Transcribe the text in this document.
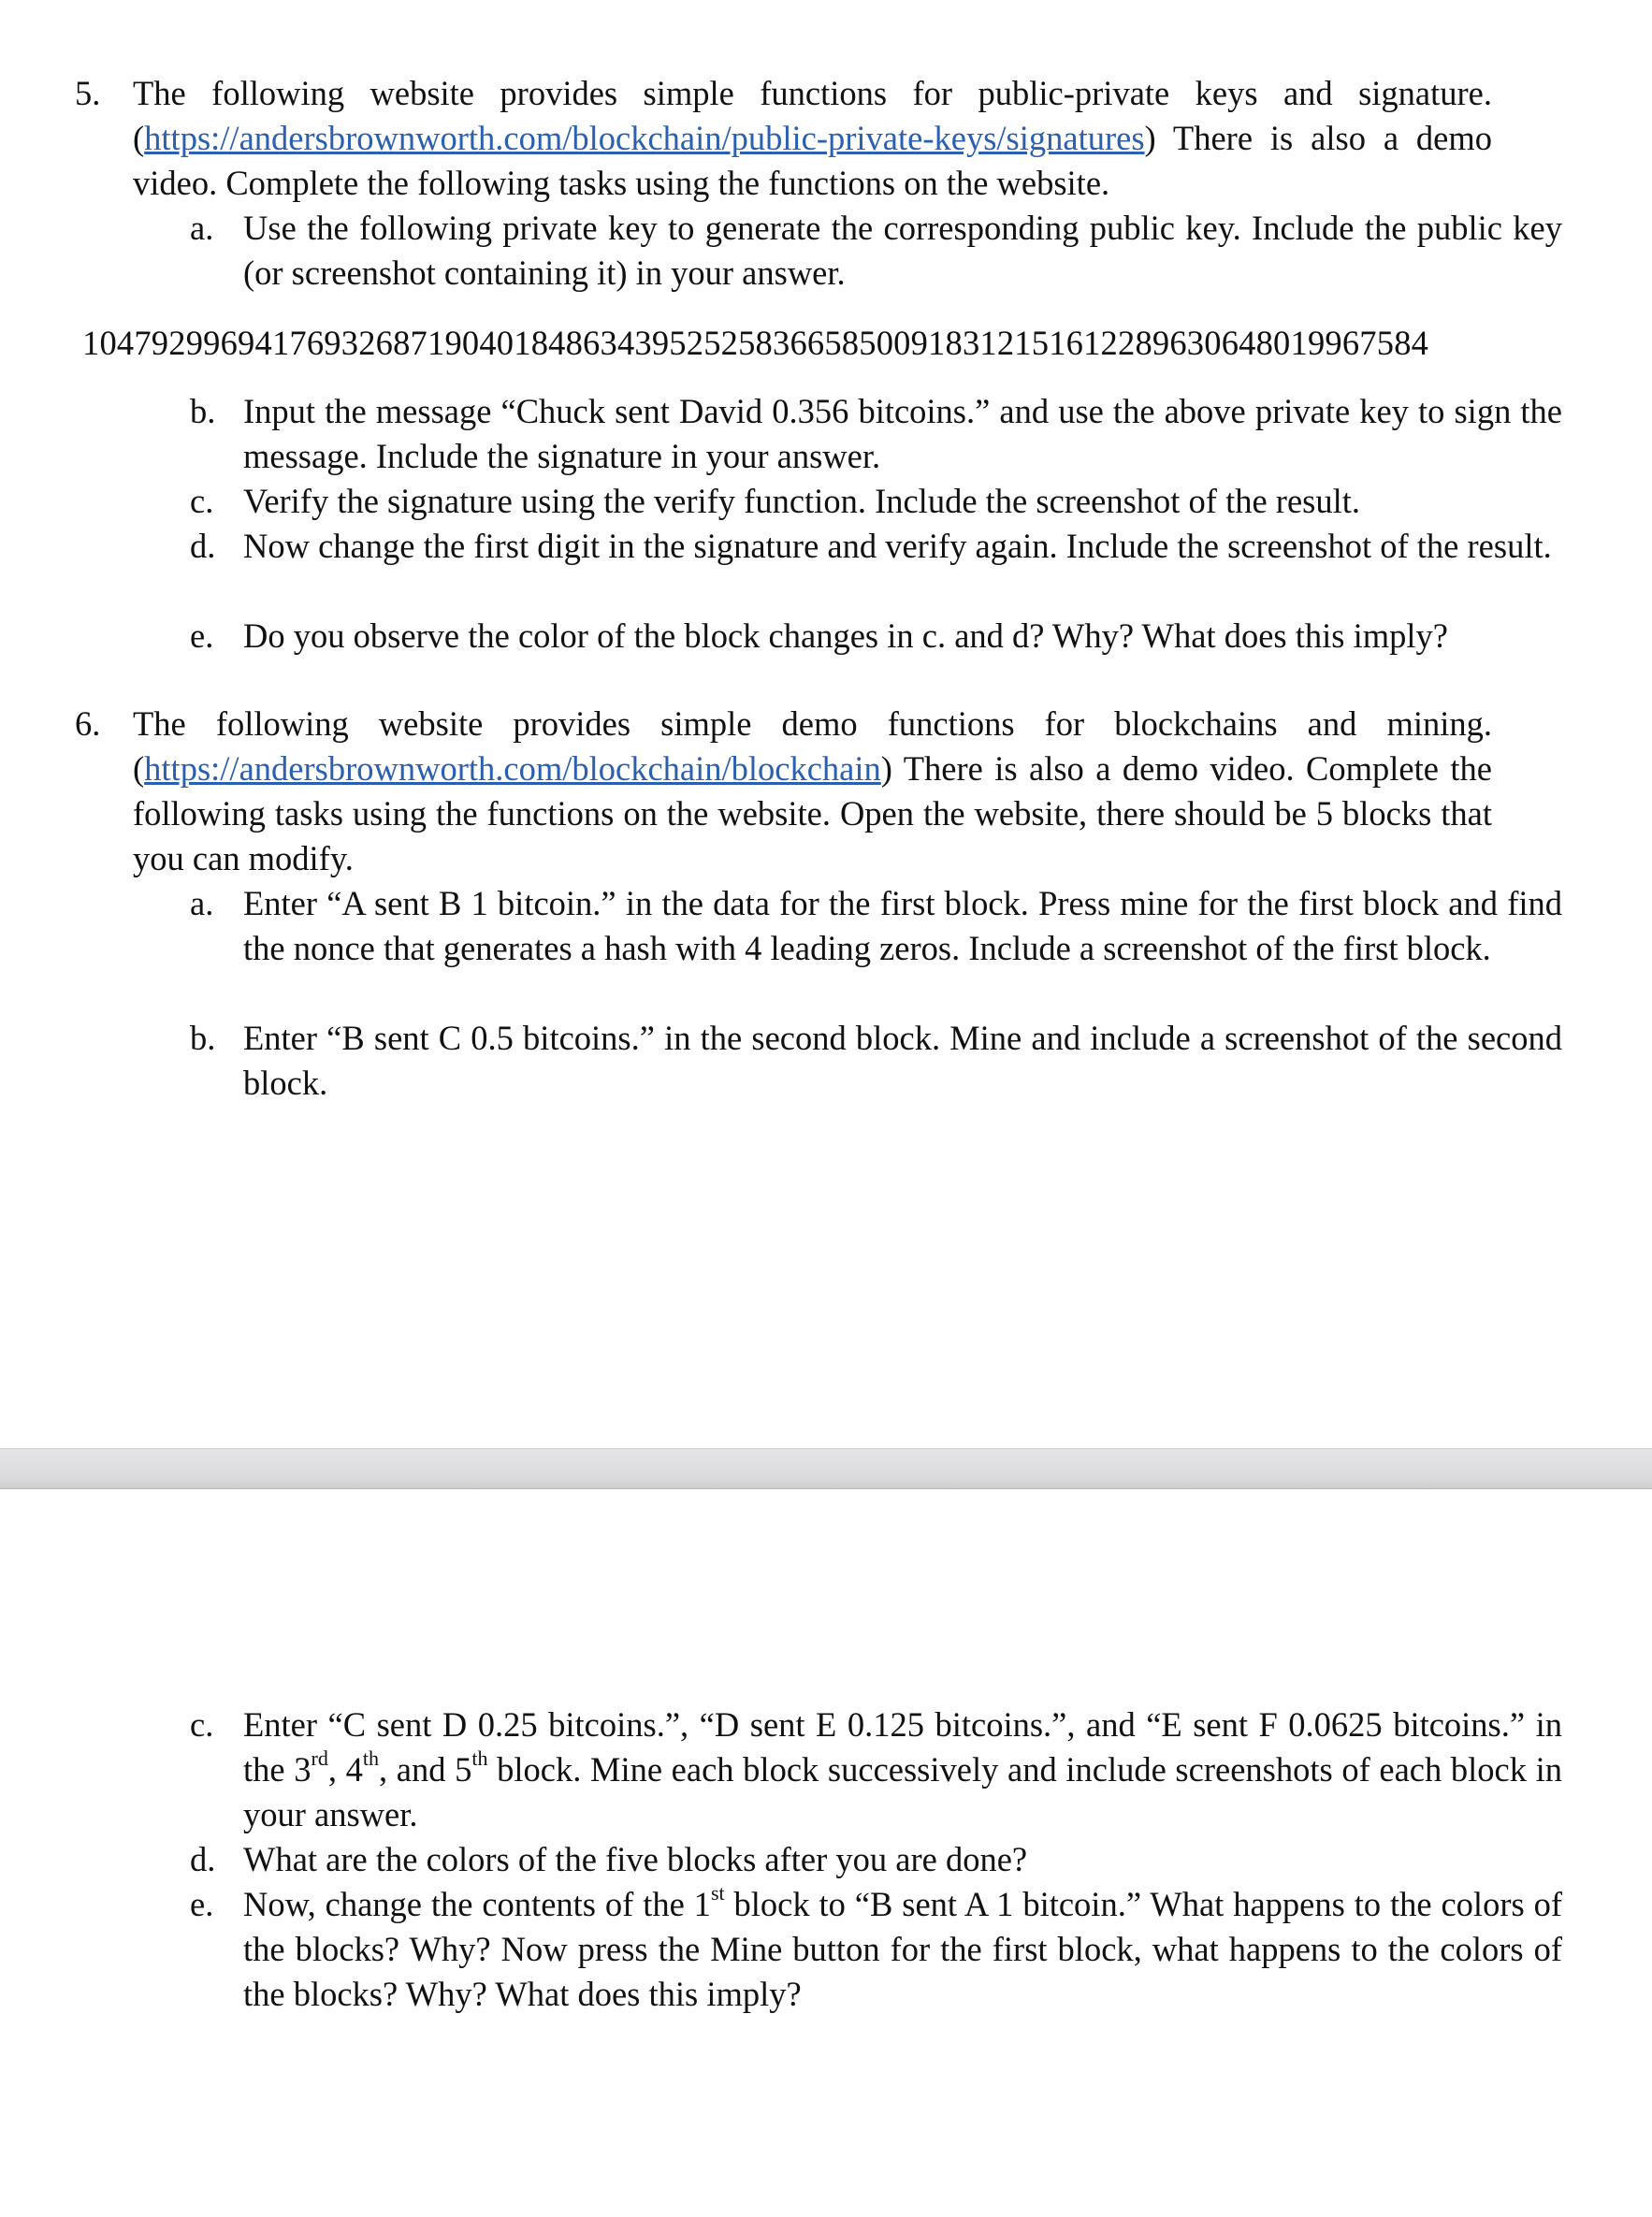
5. The following website provides simple functions for public-private keys and signature. (https://andersbrownworth.com/blockchain/public-private-keys/signatures) There is also a demo video. Complete the following tasks using the functions on the website.
a. Use the following private key to generate the corresponding public key. Include the public key (or screenshot containing it) in your answer.
104792996941769326871904018486343952525836658500918312151612289630648019967584
b. Input the message “Chuck sent David 0.356 bitcoins.” and use the above private key to sign the message. Include the signature in your answer.
c. Verify the signature using the verify function. Include the screenshot of the result.
d. Now change the first digit in the signature and verify again. Include the screenshot of the result.
e. Do you observe the color of the block changes in c. and d? Why? What does this imply?
6. The following website provides simple demo functions for blockchains and mining. (https://andersbrownworth.com/blockchain/blockchain) There is also a demo video. Complete the following tasks using the functions on the website. Open the website, there should be 5 blocks that you can modify.
a. Enter “A sent B 1 bitcoin.” in the data for the first block. Press mine for the first block and find the nonce that generates a hash with 4 leading zeros. Include a screenshot of the first block.
b. Enter “B sent C 0.5 bitcoins.” in the second block. Mine and include a screenshot of the second block.
c. Enter “C sent D 0.25 bitcoins.”, “D sent E 0.125 bitcoins.”, and “E sent F 0.0625 bitcoins.” in the 3rd, 4th, and 5th block. Mine each block successively and include screenshots of each block in your answer.
d. What are the colors of the five blocks after you are done?
e. Now, change the contents of the 1st block to “B sent A 1 bitcoin.” What happens to the colors of the blocks? Why? Now press the Mine button for the first block, what happens to the colors of the blocks? Why? What does this imply?
